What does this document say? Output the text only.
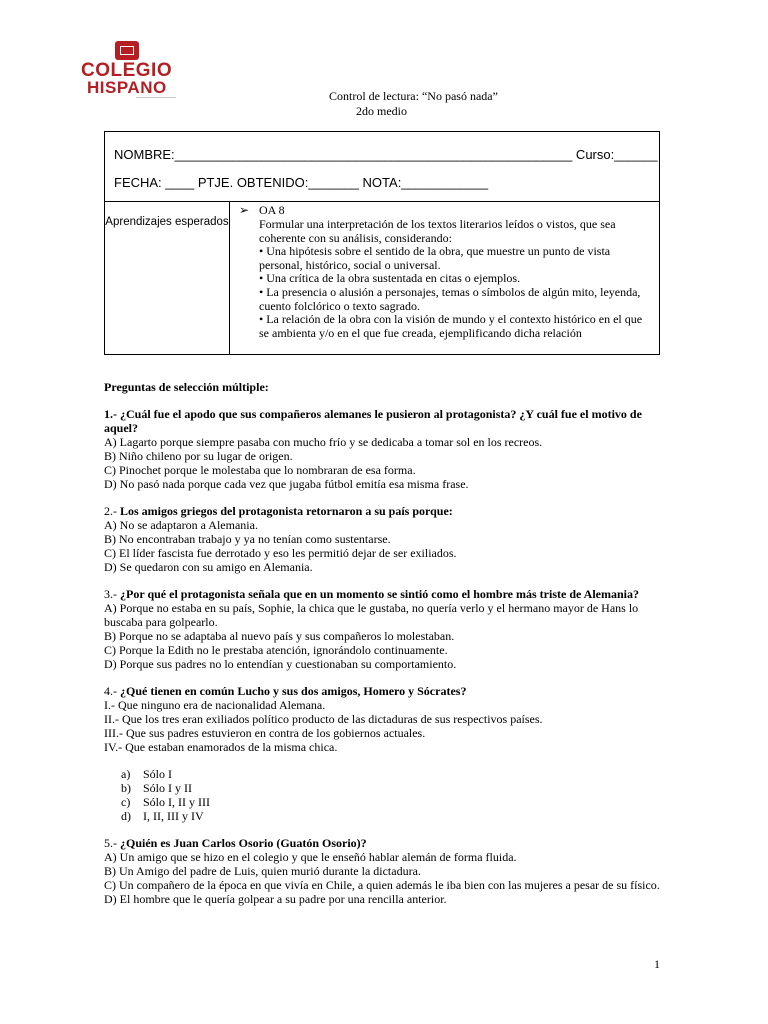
COLEGIO
HISPANO	Control de lectura: “No pasó nada”
2do medio
NOMBRE:_______________________________________________________ Curso:______
FECHA: ____ PTJE. OBTENIDO:_______ NOTA:____________
Aprendizajes esperados
➢ OA 8
Formular una interpretación de los textos literarios leídos o vistos, que sea coherente con su análisis, considerando:
• Una hipótesis sobre el sentido de la obra, que muestre un punto de vista personal, histórico, social o universal.
• Una crítica de la obra sustentada en citas o ejemplos.
• La presencia o alusión a personajes, temas o símbolos de algún mito, leyenda, cuento folclórico o texto sagrado.
• La relación de la obra con la visión de mundo y el contexto histórico en el que se ambienta y/o en el que fue creada, ejemplificando dicha relación
Preguntas de selección múltiple:
1.- ¿Cuál fue el apodo que sus compañeros alemanes le pusieron al protagonista? ¿Y cuál fue el motivo de aquel?
A) Lagarto porque siempre pasaba con mucho frío y se dedicaba a tomar sol en los recreos.
B) Niño chileno por su lugar de origen.
C) Pinochet porque le molestaba que lo nombraran de esa forma.
D) No pasó nada porque cada vez que jugaba fútbol emitía esa misma frase.
2.- Los amigos griegos del protagonista retornaron a su país porque:
A) No se adaptaron a Alemania.
B) No encontraban trabajo y ya no tenían como sustentarse.
C) El líder fascista fue derrotado y eso les permitió dejar de ser exiliados.
D) Se quedaron con su amigo en Alemania.
3.- ¿Por qué el protagonista señala que en un momento se sintió como el hombre más triste de Alemania?
A) Porque no estaba en su país, Sophie, la chica que le gustaba, no quería verlo y el hermano mayor de Hans lo buscaba para golpearlo.
B) Porque no se adaptaba al nuevo país y sus compañeros lo molestaban.
C) Porque la Edith no le prestaba atención, ignorándolo continuamente.
D) Porque sus padres no lo entendían y cuestionaban su comportamiento.
4.- ¿Qué tienen en común Lucho y sus dos amigos, Homero y Sócrates?
I.- Que ninguno era de nacionalidad Alemana.
II.- Que los tres eran exiliados político producto de las dictaduras de sus respectivos países.
III.- Que sus padres estuvieron en contra de los gobiernos actuales.
IV.- Que estaban enamorados de la misma chica.
a) Sólo I
b) Sólo I y II
c) Sólo I, II y III
d) I, II, III y IV
5.- ¿Quién es Juan Carlos Osorio (Guatón Osorio)?
A) Un amigo que se hizo en el colegio y que le enseñó hablar alemán de forma fluida.
B) Un Amigo del padre de Luis, quien murió durante la dictadura.
C) Un compañero de la época en que vivía en Chile, a quien además le iba bien con las mujeres a pesar de su físico.
D) El hombre que le quería golpear a su padre por una rencilla anterior.
1
